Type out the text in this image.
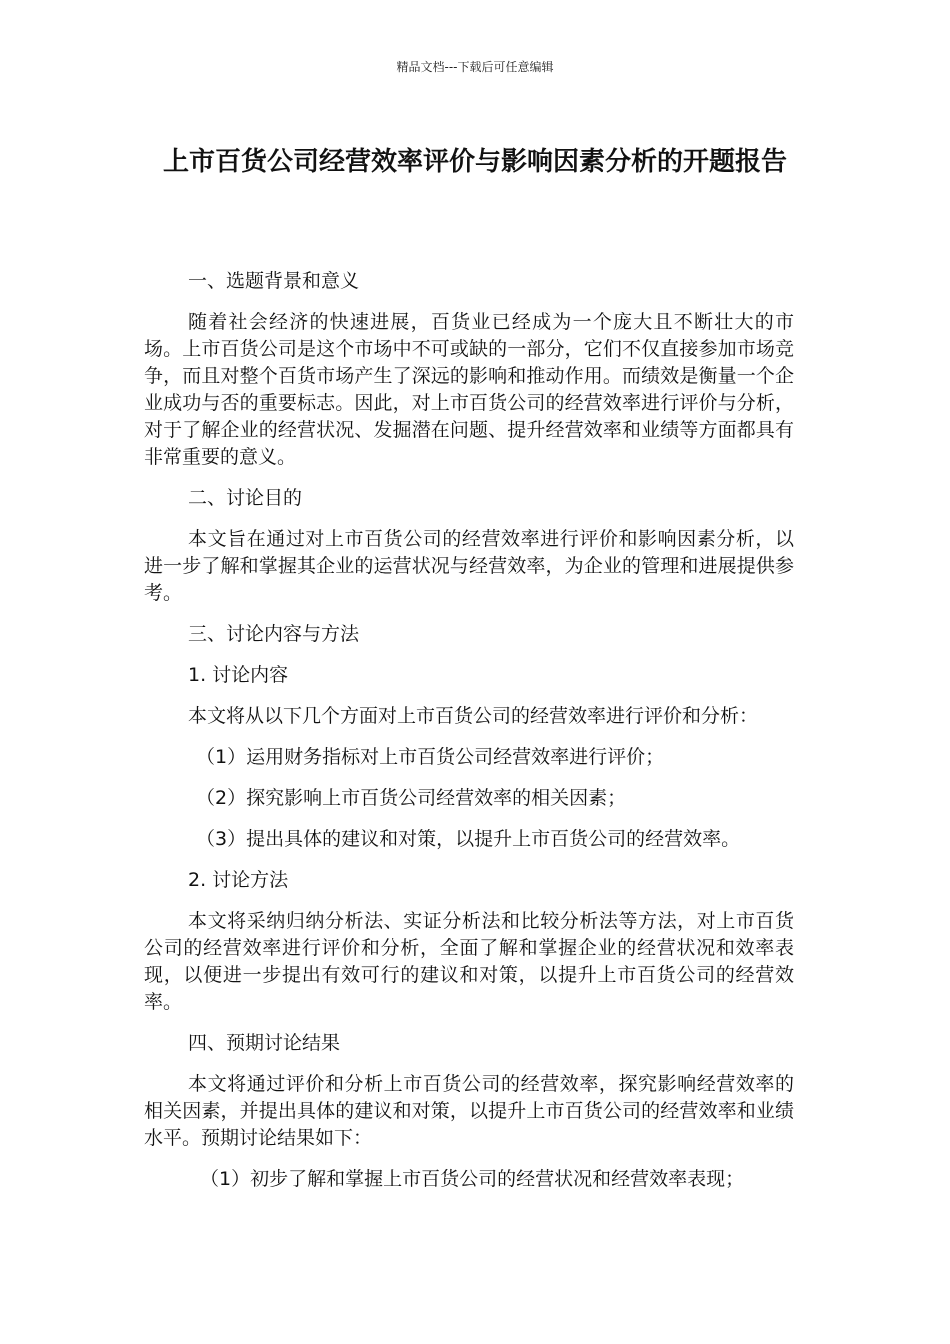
精品文档---下载后可任意编辑
上市百货公司经营效率评价与影响因素分析的开题报告

一、选题背景和意义

随着社会经济的快速进展，百货业已经成为一个庞大且不断壮大的市场。上市百货公司是这个市场中不可或缺的一部分，它们不仅直接参加市场竞争，而且对整个百货市场产生了深远的影响和推动作用。而绩效是衡量一个企业成功与否的重要标志。因此，对上市百货公司的经营效率进行评价与分析，对于了解企业的经营状况、发掘潜在问题、提升经营效率和业绩等方面都具有非常重要的意义。

二、讨论目的

本文旨在通过对上市百货公司的经营效率进行评价和影响因素分析，以进一步了解和掌握其企业的运营状况与经营效率，为企业的管理和进展提供参考。

三、讨论内容与方法

1. 讨论内容

本文将从以下几个方面对上市百货公司的经营效率进行评价和分析：

（1）运用财务指标对上市百货公司经营效率进行评价；

（2）探究影响上市百货公司经营效率的相关因素；

（3）提出具体的建议和对策，以提升上市百货公司的经营效率。

2. 讨论方法

本文将采纳归纳分析法、实证分析法和比较分析法等方法，对上市百货公司的经营效率进行评价和分析，全面了解和掌握企业的经营状况和效率表现，以便进一步提出有效可行的建议和对策，以提升上市百货公司的经营效率。

四、预期讨论结果

本文将通过评价和分析上市百货公司的经营效率，探究影响经营效率的相关因素，并提出具体的建议和对策，以提升上市百货公司的经营效率和业绩水平。预期讨论结果如下：

（1）初步了解和掌握上市百货公司的经营状况和经营效率表现；
